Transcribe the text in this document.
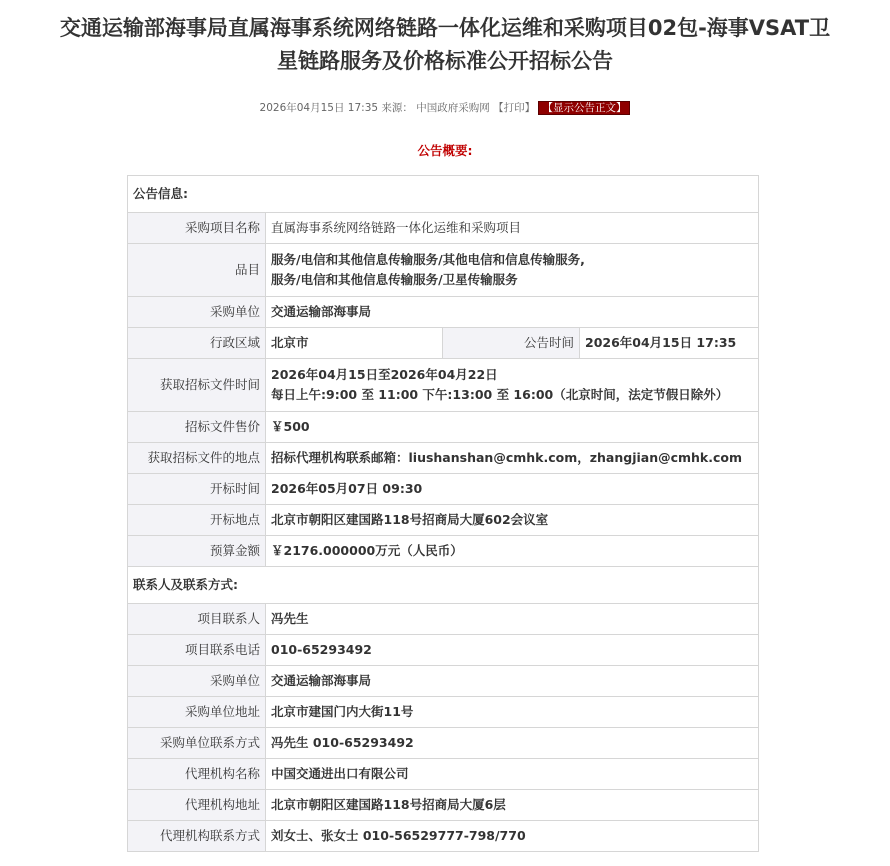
交通运输部海事局直属海事系统网络链路一体化运维和采购项目02包-海事VSAT卫
星链路服务及价格标准公开招标公告
2026年04月15日 17:35 来源： 中国政府采购网 【打印】 【显示公告正文】
公告概要:
公告信息:			
采购项目名称	直属海事系统网络链路一体化运维和采购项目		
品目	服务/电信和其他信息传输服务/其他电信和信息传输服务,
服务/电信和其他信息传输服务/卫星传输服务		

采购单位	交通运输部海事局		
行政区域	北京市	公告时间	2026年04月15日 17:35
获取招标文件时间	2026年04月15日至2026年04月22日
每日上午:9:00 至 11:00 下午:13:00 至 16:00（北京时间，法定节假日除外）		

招标文件售价	￥500		
获取招标文件的地点	招标代理机构联系邮箱：liushanshan@cmhk.com，zhangjian@cmhk.com		
开标时间	2026年05月07日 09:30		
开标地点	北京市朝阳区建国路118号招商局大厦602会议室		
预算金额	￥2176.000000万元（人民币）		
联系人及联系方式:			
项目联系人	冯先生		
项目联系电话	010-65293492		
采购单位	交通运输部海事局		
采购单位地址	北京市建国门内大街11号		
采购单位联系方式	冯先生 010-65293492		
代理机构名称	中国交通进出口有限公司		
代理机构地址	北京市朝阳区建国路118号招商局大厦6层		
代理机构联系方式	刘女士、张女士 010-56529777-798/770		
